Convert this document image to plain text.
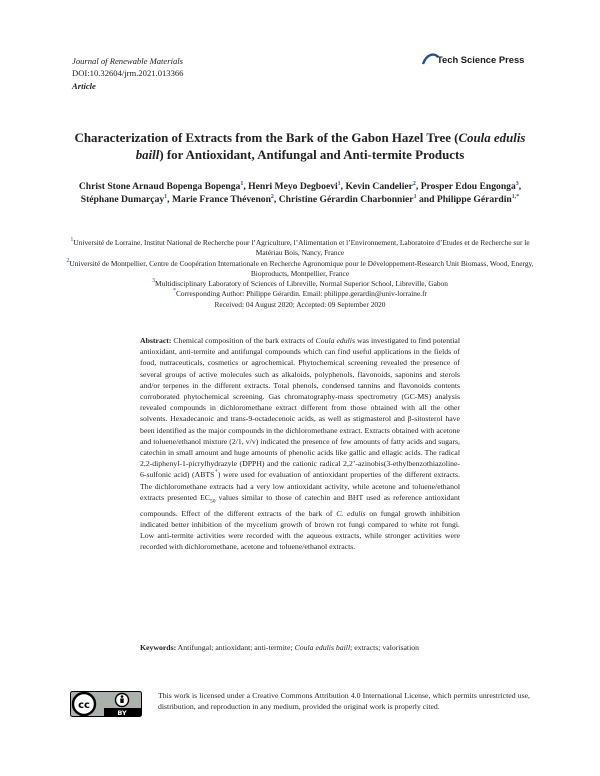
Journal of Renewable Materials
DOI:10.32604/jrm.2021.013366
Article
Tech Science Press
Characterization of Extracts from the Bark of the Gabon Hazel Tree (Coula edulis baill) for Antioxidant, Antifungal and Anti-termite Products
Christ Stone Arnaud Bopenga Bopenga$^1$, Henri Meyo Degboevi$^1$, Kevin Candelier$^2$, Prosper Edou Engonga$^3$, Stéphane Dumarçay$^1$, Marie France Thévenon$^2$, Christine Gérardin Charbonnier$^1$ and Philippe Gérardin$^{1,*}$
$^1$Université de Lorraine, Institut National de Recherche pour l’Agriculture, l’Alimentation et l’Environnement, Laboratoire d’Etudes et de Recherche sur le Matériau Bois, Nancy, France
$^2$Université de Montpellier, Centre de Coopération Internationale en Recherche Agronomique pour le Développement-Research Unit Biomass, Wood, Energy, Bioproducts, Montpellier, France
$^3$Multidisciplinary Laboratory of Sciences of Libreville, Normal Superior School, Libreville, Gabon
*Corresponding Author: Philippe Gérardin. Email: philippe.gerardin@univ-lorraine.fr
Received: 04 August 2020; Accepted: 09 September 2020
Abstract: Chemical composition of the bark extracts of Coula edulis was investigated to find potential antioxidant, anti-termite and antifungal compounds which can find useful applications in the fields of food, nutraceuticals, cosmetics or agrochemical. Phytochemical screening revealed the presence of several groups of active molecules such as alkaloids, polyphenols, flavonoids, saponins and sterols and/or terpenes in the different extracts. Total phenols, condensed tannins and flavonoids contents corroborated phytochemical screening. Gas chromatography-mass spectrometry (GC-MS) analysis revealed compounds in dichloromethane extract different from those obtained with all the other solvents. Hexadecanoic and trans-9-octadecenoic acids, as well as stigmasterol and β-sitosterol have been identified as the major compounds in the dichloromethane extract. Extracts obtained with acetone and toluene/ethanol mixture (2/1, v/v) indicated the presence of few amounts of fatty acids and sugars, catechin in small amount and huge amounts of phenolic acids like gallic and ellagic acids. The radical 2,2-diphenyl-1-picrylhydrazyle (DPPH) and the cationic radical 2,2’-azinobis(3-ethylbenzothiazoline-6-sulfonic acid) (ABTS+) were used for evaluation of antioxidant properties of the different extracts. The dichloromethane extracts had a very low antioxidant activity, while acetone and toluene/ethanol extracts presented $EC_{50}$ values similar to those of catechin and BHT used as reference antioxidant compounds. Effect of the different extracts of the bark of C. edulis on fungal growth inhibition indicated better inhibition of the mycelium growth of brown rot fungi compared to white rot fungi. Low anti-termite activities were recorded with the aqueous extracts, while stronger activities were recorded with dichloromethane, acetone and toluene/ethanol extracts.
Keywords: Antifungal; antioxidant; anti-termite; Coula edulis baill; extracts; valorisation
cc
BY
This work is licensed under a Creative Commons Attribution 4.0 International License, which permits unrestricted use, distribution, and reproduction in any medium, provided the original work is properly cited.
